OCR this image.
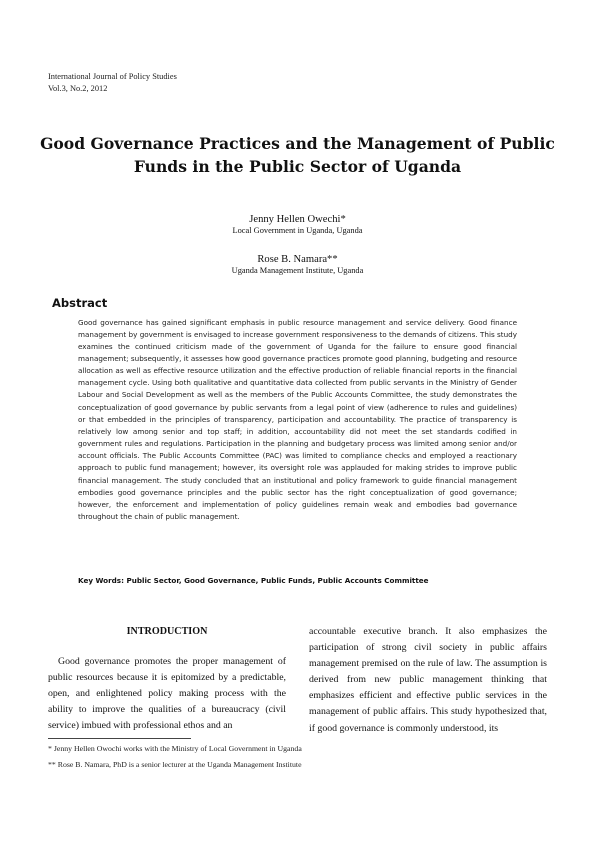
International Journal of Policy Studies
Vol.3, No.2, 2012
Good Governance Practices and the Management of Public
Funds in the Public Sector of Uganda
Jenny Hellen Owechi*
Local Government in Uganda, Uganda
Rose B. Namara**
Uganda Management Institute, Uganda
Abstract

Good governance has gained significant emphasis in public resource management and service delivery. Good finance management by government is envisaged to increase government responsiveness to the demands of citizens. This study examines the continued criticism made of the government of Uganda for the failure to ensure good financial management; subsequently, it assesses how good governance practices promote good planning, budgeting and resource allocation as well as effective resource utilization and the effective production of reliable financial reports in the financial management cycle. Using both qualitative and quantitative data collected from public servants in the Ministry of Gender Labour and Social Development as well as the members of the Public Accounts Committee, the study demonstrates the conceptualization of good governance by public servants from a legal point of view (adherence to rules and guidelines) or that embedded in the principles of transparency, participation and accountability. The practice of transparency is relatively low among senior and top staff; in addition, accountability did not meet the set standards codified in government rules and regulations. Participation in the planning and budgetary process was limited among senior and/or account officials. The Public Accounts Committee (PAC) was limited to compliance checks and employed a reactionary approach to public fund management; however, its oversight role was applauded for making strides to improve public financial management. The study concluded that an institutional and policy framework to guide financial management embodies good governance principles and the public sector has the right conceptualization of good governance; however, the enforcement and implementation of policy guidelines remain weak and embodies bad governance throughout the chain of public management.

Key Words: Public Sector, Good Governance, Public Funds, Public Accounts Committee
INTRODUCTION

Good governance promotes the proper management of public resources because it is epitomized by a predictable, open, and enlightened policy making process with the ability to improve the qualities of a bureaucracy (civil service) imbued with professional ethos and an

accountable executive branch. It also emphasizes the participation of strong civil society in public affairs management premised on the rule of law. The assumption is derived from new public management thinking that emphasizes efficient and effective public services in the management of public affairs. This study hypothesized that, if good governance is commonly understood, its

* Jenny Hellen Owochi works with the Ministry of Local Government in Uganda
** Rose B. Namara, PhD is a senior lecturer at the Uganda Management Institute
